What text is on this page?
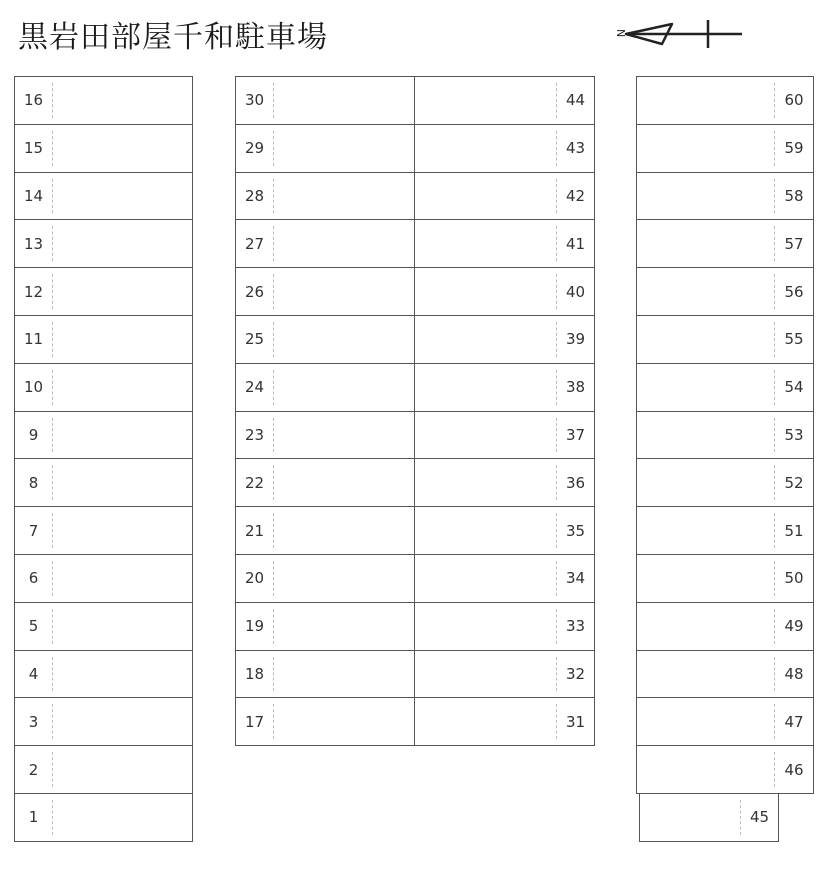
黒岩田部屋千和駐車場	N
16
15
14
13
12
11
10
9
8
7
6
5
4
3
2
1
30
29
28
27
26
25
24
23
22
21
20
19
18
17
44
43
42
41
40
39
38
37
36
35
34
33
32
31
60
59
58
57
56
55
54
53
52
51
50
49
48
47
46
45
